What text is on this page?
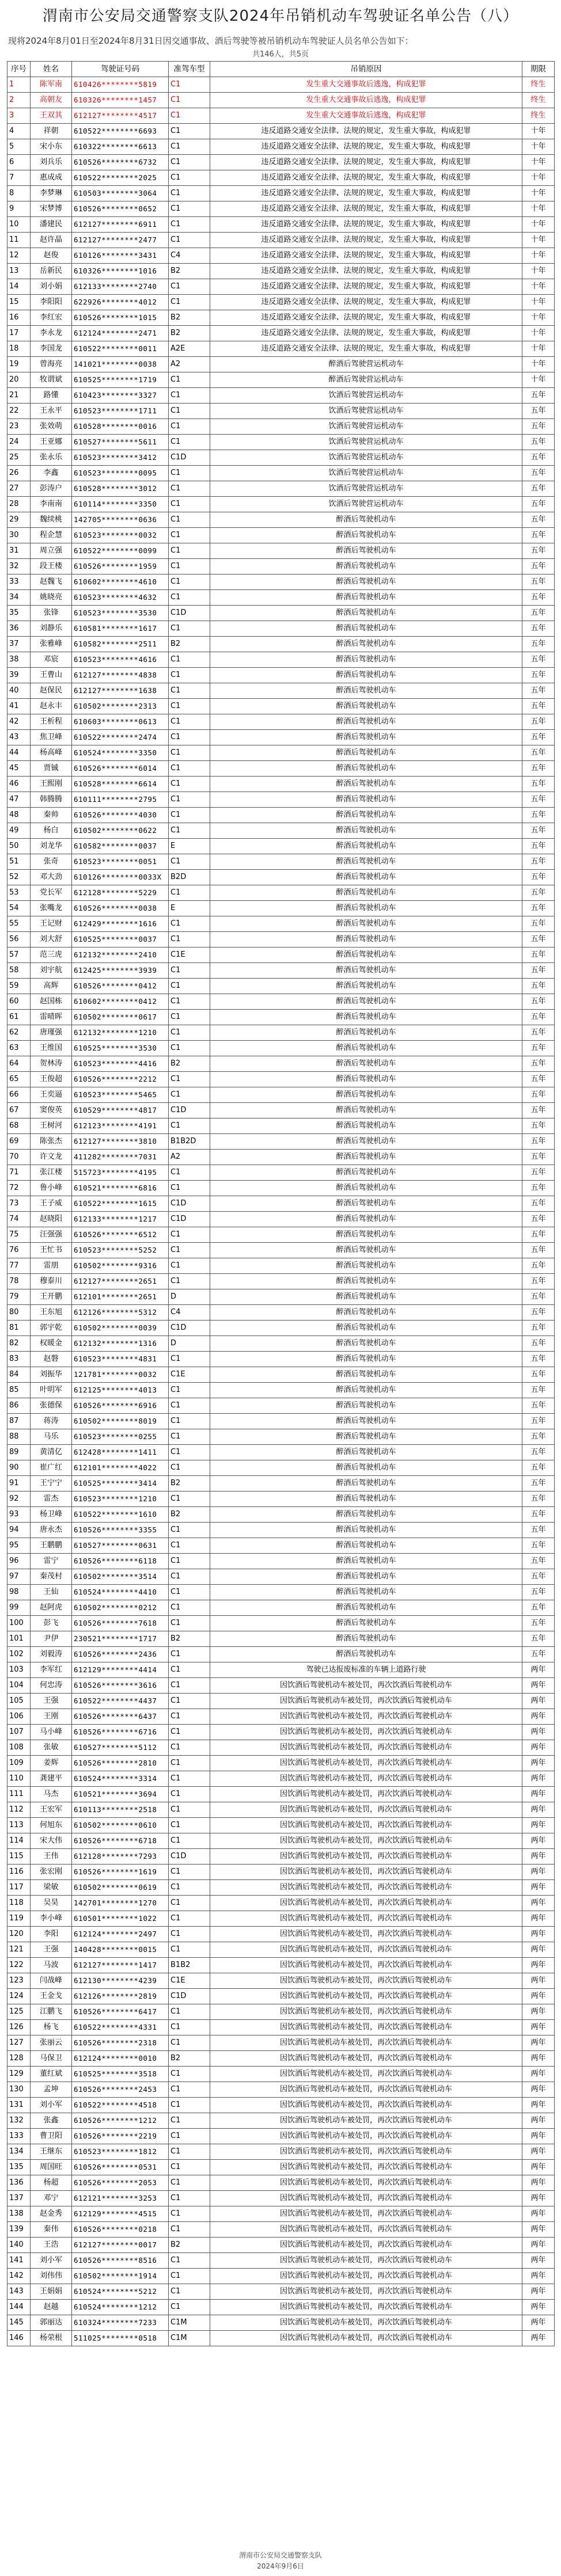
渭南市公安局交通警察支队2024年吊销机动车驾驶证名单公告（八）
现将2024年8月01日至2024年8月31日因交通事故、酒后驾驶等被吊销机动车驾驶证人员名单公告如下：
共146人，共5页
序号	姓名	驾驶证号码	准驾车型	吊销原因	期限
1	陈军南	610426********5819	C1	发生重大交通事故后逃逸，构成犯罪	终生
2	高朝友	610326********1457	C1	发生重大交通事故后逃逸，构成犯罪	终生
3	王双其	612127********4517	C1	发生重大交通事故后逃逸，构成犯罪	终生
4	祥朝	610522********6693	C1	违反道路交通安全法律、法规的规定，发生重大事故，构成犯罪	十年
5	宋小东	610322********6613	C1	违反道路交通安全法律、法规的规定，发生重大事故，构成犯罪	十年
6	刘兵乐	610526********6732	C1	违反道路交通安全法律、法规的规定，发生重大事故，构成犯罪	十年
7	惠成成	610522********2025	C1	违反道路交通安全法律、法规的规定，发生重大事故，构成犯罪	十年
8	李梦琳	610503********3064	C1	违反道路交通安全法律、法规的规定，发生重大事故，构成犯罪	十年
9	宋梦博	610526********0652	C1	违反道路交通安全法律、法规的规定，发生重大事故，构成犯罪	十年
10	潘建民	612127********6911	C1	违反道路交通安全法律、法规的规定，发生重大事故，构成犯罪	十年
11	赵许晶	612127********2477	C1	违反道路交通安全法律、法规的规定，发生重大事故，构成犯罪	十年
12	赵俊	610126********3431	C4	违反道路交通安全法律、法规的规定，发生重大事故，构成犯罪	十年
13	岳新民	610326********1016	B2	违反道路交通安全法律、法规的规定，发生重大事故，构成犯罪	十年
14	刘小娟	612133********2740	C1	违反道路交通安全法律、法规的规定，发生重大事故，构成犯罪	十年
15	李阳阳	622926********4012	C1	违反道路交通安全法律、法规的规定，发生重大事故，构成犯罪	十年
16	李红宏	610526********1015	B2	违反道路交通安全法律、法规的规定，发生重大事故，构成犯罪	十年
17	李永龙	612124********2471	B2	违反道路交通安全法律、法规的规定，发生重大事故，构成犯罪	十年
18	李国龙	610522********0011	A2E	违反道路交通安全法律、法规的规定，发生重大事故，构成犯罪	十年
19	曾海亮	141021********0038	A2	醉酒后驾驶营运机动车	十年
20	牧谓斌	610525********1719	C1	醉酒后驾驶营运机动车	十年
21	路懂	610423********3327	C1	饮酒后驾驶营运机动车	五年
22	王永平	610523********1711	C1	饮酒后驾驶营运机动车	五年
23	张效萌	610528********0016	C1	饮酒后驾驶营运机动车	五年
24	王亚娜	610527********5611	C1	饮酒后驾驶营运机动车	五年
25	张永乐	610523********3412	C1D	饮酒后驾驶营运机动车	五年
26	李鑫	610523********0095	C1	饮酒后驾驶营运机动车	五年
27	彭涛户	610528********3012	C1	饮酒后驾驶营运机动车	五年
28	李南南	610114********3350	C1	饮酒后驾驶营运机动车	五年
29	魏续桃	142705********0636	C1	醉酒后驾驶机动车	五年
30	程企慧	610523********0032	C1	醉酒后驾驶机动车	五年
31	周立强	610522********0099	C1	醉酒后驾驶机动车	五年
32	段王楼	610526********1959	C1	醉酒后驾驶机动车	五年
33	赵魏飞	610602********4610	C1	醉酒后驾驶机动车	五年
34	姚晓亮	610523********4632	C1	醉酒后驾驶机动车	五年
35	张锋	610523********3530	C1D	醉酒后驾驶机动车	五年
36	刘静乐	610581********1617	C1	醉酒后驾驶机动车	五年
37	张雅峰	610582********2511	B2	醉酒后驾驶机动车	五年
38	邓宸	610523********4616	C1	醉酒后驾驶机动车	五年
39	王曹山	612127********4838	C1	醉酒后驾驶机动车	五年
40	赵保民	612127********1638	C1	醉酒后驾驶机动车	五年
41	赵永丰	610502********2313	C1	醉酒后驾驶机动车	五年
42	王析程	610603********0613	C1	醉酒后驾驶机动车	五年
43	焦卫峰	610522********2474	C1	醉酒后驾驶机动车	五年
44	杨高峰	610524********3350	C1	醉酒后驾驶机动车	五年
45	贾铖	610526********6014	C1	醉酒后驾驶机动车	五年
46	王熙刚	610528********6614	C1	醉酒后驾驶机动车	五年
47	韩腾腾	610111********2795	C1	醉酒后驾驶机动车	五年
48	秦帅	610526********4030	C1	醉酒后驾驶机动车	五年
49	杨白	610502********0622	C1	醉酒后驾驶机动车	五年
50	刘龙华	610582********0037	E	醉酒后驾驶机动车	五年
51	张奇	610523********0051	C1	醉酒后驾驶机动车	五年
52	邓大劲	610126********0033X	B2D	醉酒后驾驶机动车	五年
53	党长军	612128********5229	C1	醉酒后驾驶机动车	五年
54	张嘴龙	610526********0038	E	醉酒后驾驶机动车	五年
55	王记财	612429********1616	C1	醉酒后驾驶机动车	五年
56	刘大舒	610525********0037	C1	醉酒后驾驶机动车	五年
57	范三虎	612132********2410	C1E	醉酒后驾驶机动车	五年
58	刘宇航	612425********3939	C1	醉酒后驾驶机动车	五年
59	高辉	610526********0412	C1	醉酒后驾驶机动车	五年
60	赵国栋	610602********0412	C1	醉酒后驾驶机动车	五年
61	雷晴晖	610502********0617	C1	醉酒后驾驶机动车	五年
62	唐瑾强	612132********1210	C1	醉酒后驾驶机动车	五年
63	王维国	610525********3530	C1	醉酒后驾驶机动车	五年
64	贺林涛	610523********4416	B2	醉酒后驾驶机动车	五年
65	王俊超	610526********2212	C1	醉酒后驾驶机动车	五年
66	王奕逼	610523********5465	C1	醉酒后驾驶机动车	五年
67	窦俊英	610529********4817	C1D	醉酒后驾驶机动车	五年
68	王树河	612123********4191	C1	醉酒后驾驶机动车	五年
69	陈张杰	612127********3810	B1B2D	醉酒后驾驶机动车	五年
70	许文龙	411282********7031	A2	醉酒后驾驶机动车	五年
71	张江楼	515723********4195	C1	醉酒后驾驶机动车	五年
72	鲁小峰	610521********6816	C1	醉酒后驾驶机动车	五年
73	王子威	610522********1615	C1D	醉酒后驾驶机动车	五年
74	赵晓阳	612133********1217	C1D	醉酒后驾驶机动车	五年
75	汪强强	610526********6512	C1	醉酒后驾驶机动车	五年
76	王忙书	610523********5252	C1	醉酒后驾驶机动车	五年
77	雷朋	610502********9316	C1	醉酒后驾驶机动车	五年
78	穆泰川	612127********2651	C1	醉酒后驾驶机动车	五年
79	王开鹏	612101********2651	D	醉酒后驾驶机动车	五年
80	王东旭	612126********5312	C4	醉酒后驾驶机动车	五年
81	郭宇乾	610502********0039	C1D	醉酒后驾驶机动车	五年
82	权暖金	612132********1316	D	醉酒后驾驶机动车	五年
83	赵磐	610523********4831	C1	醉酒后驾驶机动车	五年
84	刘振华	121781********0032	C1E	醉酒后驾驶机动车	五年
85	叶明军	612125********4013	C1	醉酒后驾驶机动车	五年
86	张德保	610526********6916	C1	醉酒后驾驶机动车	五年
87	蒋涛	610502********8019	C1	醉酒后驾驶机动车	五年
88	马乐	610523********0255	C1	醉酒后驾驶机动车	五年
89	黄清亿	612428********1411	C1	醉酒后驾驶机动车	五年
90	崔广红	612101********4022	C1	醉酒后驾驶机动车	五年
91	王宁宁	610525********3414	B2	醉酒后驾驶机动车	五年
92	雷杰	610523********1210	C1	醉酒后驾驶机动车	五年
93	杨卫峰	610522********1610	B2	醉酒后驾驶机动车	五年
94	唐永杰	610526********3355	C1	醉酒后驾驶机动车	五年
95	王鹏鹏	610527********0631	C1	醉酒后驾驶机动车	五年
96	雷宁	610526********6118	C1	醉酒后驾驶机动车	五年
97	秦茂村	610502********3514	C1	醉酒后驾驶机动车	五年
98	王仙	610524********4410	C1	醉酒后驾驶机动车	五年
99	赵阿虎	610502********0212	C1	醉酒后驾驶机动车	五年
100	彭飞	610526********7618	C1	醉酒后驾驶机动车	五年
101	尹伊	230521********1717	B2	醉酒后驾驶机动车	五年
102	刘毅涛	610526********2436	C1	醉酒后驾驶机动车	五年
103	李军红	612129********4414	C1	驾驶已达报废标准的车辆上道路行驶	两年
104	何忠涛	610526********3616	C1	因饮酒后驾驶机动车被处罚，再次饮酒后驾驶机动车	两年
105	王强	610522********4437	C1	因饮酒后驾驶机动车被处罚，再次饮酒后驾驶机动车	两年
106	王刚	610526********6437	C1	因饮酒后驾驶机动车被处罚，再次饮酒后驾驶机动车	两年
107	马小峰	610526********6716	C1	因饮酒后驾驶机动车被处罚，再次饮酒后驾驶机动车	两年
108	张敏	610527********5112	C1	因饮酒后驾驶机动车被处罚，再次饮酒后驾驶机动车	两年
109	姜辉	610526********2810	C1	因饮酒后驾驶机动车被处罚，再次饮酒后驾驶机动车	两年
110	龚建平	610524********3314	C1	因饮酒后驾驶机动车被处罚，再次饮酒后驾驶机动车	两年
111	马杰	610521********3694	C1	因饮酒后驾驶机动车被处罚，再次饮酒后驾驶机动车	两年
112	王宏军	610113********2518	C1	因饮酒后驾驶机动车被处罚，再次饮酒后驾驶机动车	两年
113	何旭东	610502********0610	C1	因饮酒后驾驶机动车被处罚，再次饮酒后驾驶机动车	两年
114	宋大伟	610526********6718	C1	因饮酒后驾驶机动车被处罚，再次饮酒后驾驶机动车	两年
115	王伟	612128********7293	C1D	因饮酒后驾驶机动车被处罚，再次饮酒后驾驶机动车	两年
116	张宏刚	610526********1619	C1	因饮酒后驾驶机动车被处罚，再次饮酒后驾驶机动车	两年
117	梁敏	610502********0619	C1	因饮酒后驾驶机动车被处罚，再次饮酒后驾驶机动车	两年
118	吴昊	142701********1270	C1	因饮酒后驾驶机动车被处罚，再次饮酒后驾驶机动车	两年
119	李小峰	610501********1022	C1	因饮酒后驾驶机动车被处罚，再次饮酒后驾驶机动车	两年
120	李阳	612124********2497	C1	因饮酒后驾驶机动车被处罚，再次饮酒后驾驶机动车	两年
121	王强	140428********0015	C1	因饮酒后驾驶机动车被处罚，再次饮酒后驾驶机动车	两年
122	马波	612127********1417	B1B2	因饮酒后驾驶机动车被处罚，再次饮酒后驾驶机动车	两年
123	闫战峰	612130********4239	C1E	因饮酒后驾驶机动车被处罚，再次饮酒后驾驶机动车	两年
124	王金戈	612126********2819	C1D	因饮酒后驾驶机动车被处罚，再次饮酒后驾驶机动车	两年
125	江鹏飞	610526********6417	C1	因饮酒后驾驶机动车被处罚，再次饮酒后驾驶机动车	两年
126	杨飞	610522********4331	C1	因饮酒后驾驶机动车被处罚，再次饮酒后驾驶机动车	两年
127	张丽云	610526********2318	C1	因饮酒后驾驶机动车被处罚，再次饮酒后驾驶机动车	两年
128	马保卫	612124********0010	B2	因饮酒后驾驶机动车被处罚，再次饮酒后驾驶机动车	两年
129	董红斌	610525********3518	C1	因饮酒后驾驶机动车被处罚，再次饮酒后驾驶机动车	两年
130	孟坤	610526********2453	C1	因饮酒后驾驶机动车被处罚，再次饮酒后驾驶机动车	两年
131	刘小军	610522********4518	C1	因饮酒后驾驶机动车被处罚，再次饮酒后驾驶机动车	两年
132	张鑫	610526********1212	C1	因饮酒后驾驶机动车被处罚，再次饮酒后驾驶机动车	两年
133	曹卫阳	610526********2219	C1	因饮酒后驾驶机动车被处罚，再次饮酒后驾驶机动车	两年
134	王继东	610523********1812	C1	因饮酒后驾驶机动车被处罚，再次饮酒后驾驶机动车	两年
135	周国旺	610526********0531	C1	因饮酒后驾驶机动车被处罚，再次饮酒后驾驶机动车	两年
136	杨超	610526********2053	C1	因饮酒后驾驶机动车被处罚，再次饮酒后驾驶机动车	两年
137	邓宁	612121********3253	C1	因饮酒后驾驶机动车被处罚，再次饮酒后驾驶机动车	两年
138	赵金秀	612129********4515	C1	因饮酒后驾驶机动车被处罚，再次饮酒后驾驶机动车	两年
139	秦伟	610526********0218	C1	因饮酒后驾驶机动车被处罚，再次饮酒后驾驶机动车	两年
140	王浩	612127********0017	B2	因饮酒后驾驶机动车被处罚，再次饮酒后驾驶机动车	两年
141	刘小军	610526********8516	C1	因饮酒后驾驶机动车被处罚，再次饮酒后驾驶机动车	两年
142	刘伟伟	610502********1914	C1	因饮酒后驾驶机动车被处罚，再次饮酒后驾驶机动车	两年
143	王娟娟	610524********5212	C1	因饮酒后驾驶机动车被处罚，再次饮酒后驾驶机动车	两年
144	赵越	610524********1212	C1	因饮酒后驾驶机动车被处罚，再次饮酒后驾驶机动车	两年
145	郭丽达	610324********7233	C1M	因饮酒后驾驶机动车被处罚，再次饮酒后驾驶机动车	两年
146	杨荣根	511025********0518	C1M	因饮酒后驾驶机动车被处罚，再次饮酒后驾驶机动车	两年
渭南市公安局交通警察支队
2024年9月6日
